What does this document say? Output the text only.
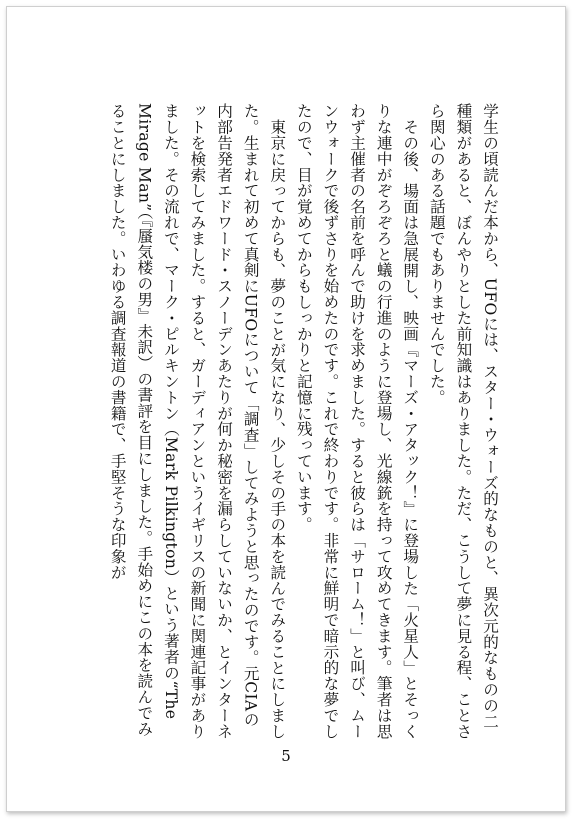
学生の頃読んだ本から、UFOには、スター・ウォーズ的なものと、異次元的なものの二種類があると、ぼんやりとした前知識はありました。ただ、こうして夢に見る程、ことさら関心のある話題でもありませんでした。

その後、場面は急展開し、映画『マーズ・アタック！』に登場した「火星人」とそっくりな連中がぞろぞろと蟻の行進のように登場し、光線銃を持って攻めてきます。筆者は思わず主催者の名前を呼んで助けを求めました。すると彼らは「サローム！」と叫び、ムーンウォークで後ずさりを始めたのです。これで終わりです。非常に鮮明で暗示的な夢でしたので、目が覚めてからもしっかりと記憶に残っています。

東京に戻ってからも、夢のことが気になり、少しその手の本を読んでみることにしました。生まれて初めて真剣にUFOについて「調査」してみようと思ったのです。元CIAの内部告発者エドワード・スノーデンあたりが何か秘密を漏らしていないか、とインターネットを検索してみました。すると、ガーディアンというイギリスの新聞に関連記事がありました。その流れで、マーク・ピルキントン（Mark Pilkington）という著者の“The Mirage Man”（『蜃気楼の男』未訳）の書評を目にしました。手始めにこの本を読んでみることにしました。いわゆる調査報道の書籍で、手堅そうな印象が

5
